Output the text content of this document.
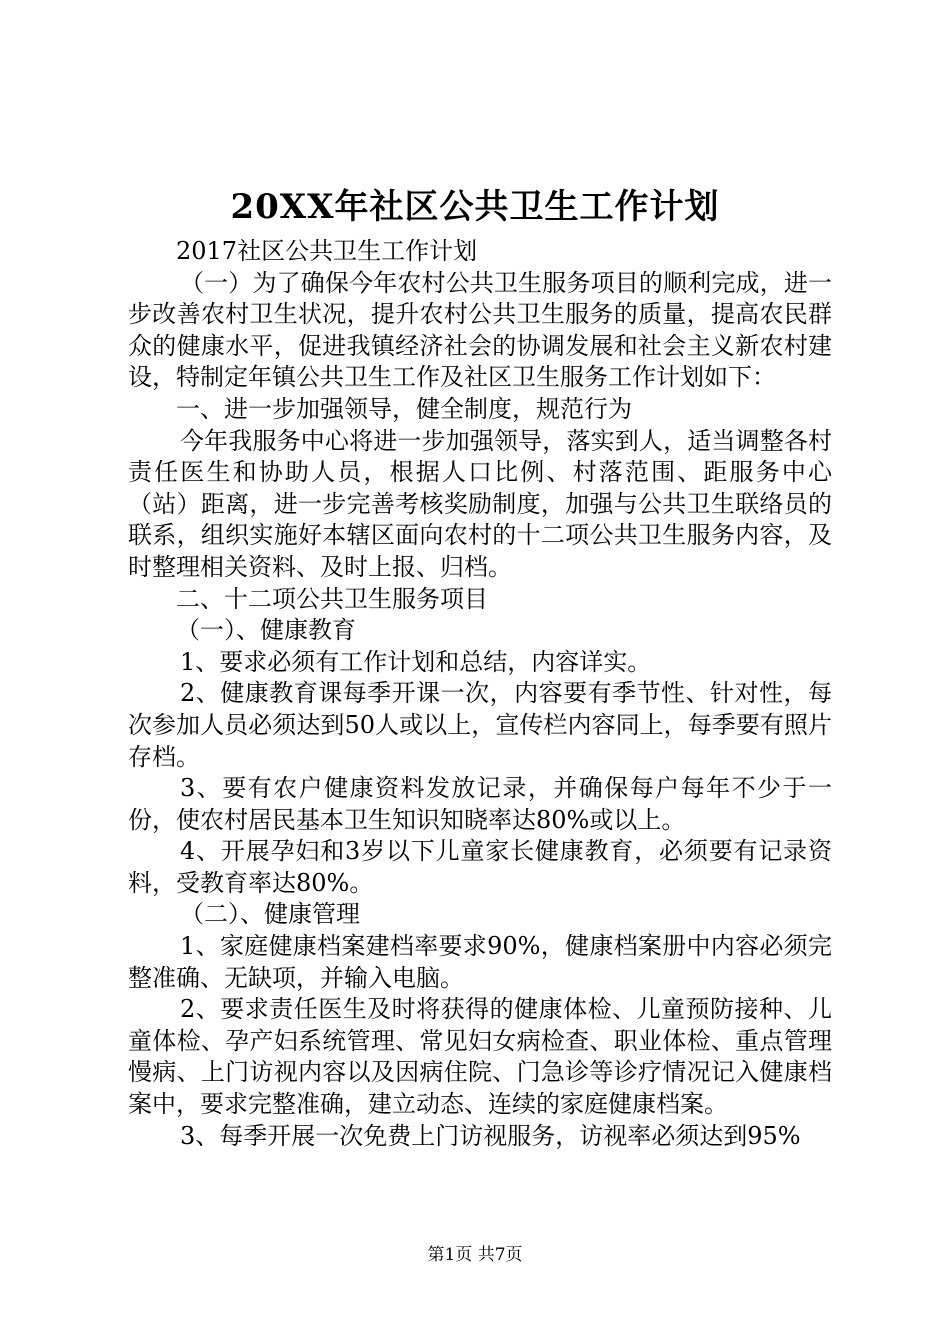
20XX年社区公共卫生工作计划

2017社区公共卫生工作计划

（一）为了确保今年农村公共卫生服务项目的顺利完成，进一步改善农村卫生状况，提升农村公共卫生服务的质量，提高农民群众的健康水平，促进我镇经济社会的协调发展和社会主义新农村建设，特制定年镇公共卫生工作及社区卫生服务工作计划如下：

一、进一步加强领导，健全制度，规范行为

今年我服务中心将进一步加强领导，落实到人，适当调整各村责任医生和协助人员，根据人口比例、村落范围、距服务中心（站）距离，进一步完善考核奖励制度，加强与公共卫生联络员的联系，组织实施好本辖区面向农村的十二项公共卫生服务内容，及时整理相关资料、及时上报、归档。

二、十二项公共卫生服务项目

（一）、健康教育

1、要求必须有工作计划和总结，内容详实。

2、健康教育课每季开课一次，内容要有季节性、针对性，每次参加人员必须达到50人或以上，宣传栏内容同上，每季要有照片存档。

3、要有农户健康资料发放记录，并确保每户每年不少于一份，使农村居民基本卫生知识知晓率达80%或以上。

4、开展孕妇和3岁以下儿童家长健康教育，必须要有记录资料，受教育率达80%。

（二）、健康管理

1、家庭健康档案建档率要求90%，健康档案册中内容必须完整准确、无缺项，并输入电脑。

2、要求责任医生及时将获得的健康体检、儿童预防接种、儿童体检、孕产妇系统管理、常见妇女病检查、职业体检、重点管理慢病、上门访视内容以及因病住院、门急诊等诊疗情况记入健康档案中，要求完整准确，建立动态、连续的家庭健康档案。

3、每季开展一次免费上门访视服务，访视率必须达到95%

第1页 共7页
